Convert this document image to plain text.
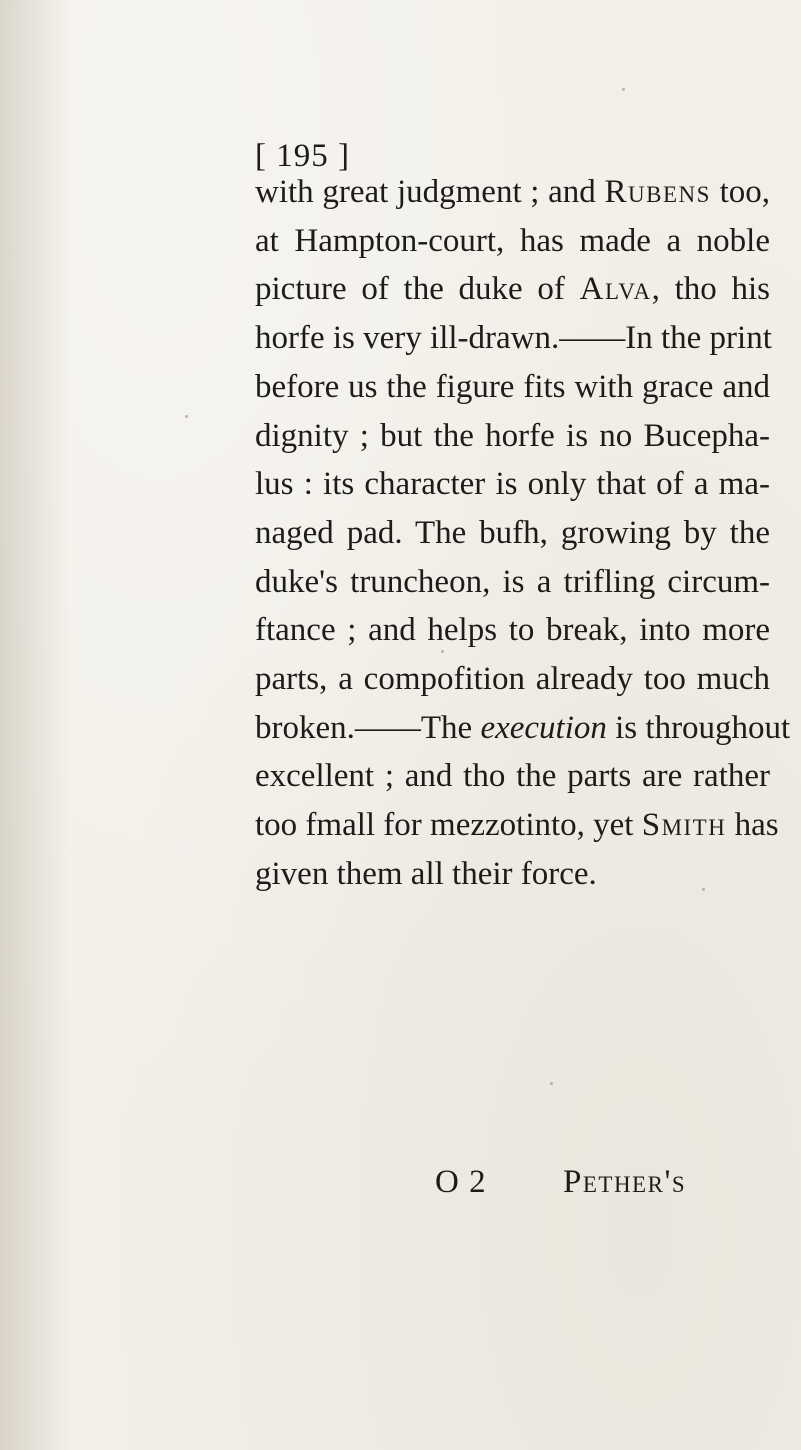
[ 195 ]
with great judgment ; and Rubens too,
at Hampton-court, has made a noble
picture of the duke of Alva, tho his
horfe is very ill-drawn.——In the print
before us the figure fits with grace and
dignity ; but the horfe is no Bucepha-
lus : its character is only that of a ma-
naged pad. The bufh, growing by the
duke's truncheon, is a trifling circum-
ftance ; and helps to break, into more
parts, a compofition already too much
broken.——The execution is throughout
excellent ; and tho the parts are rather
too fmall for mezzotinto, yet Smith has
given them all their force.
O 2 Pether's
